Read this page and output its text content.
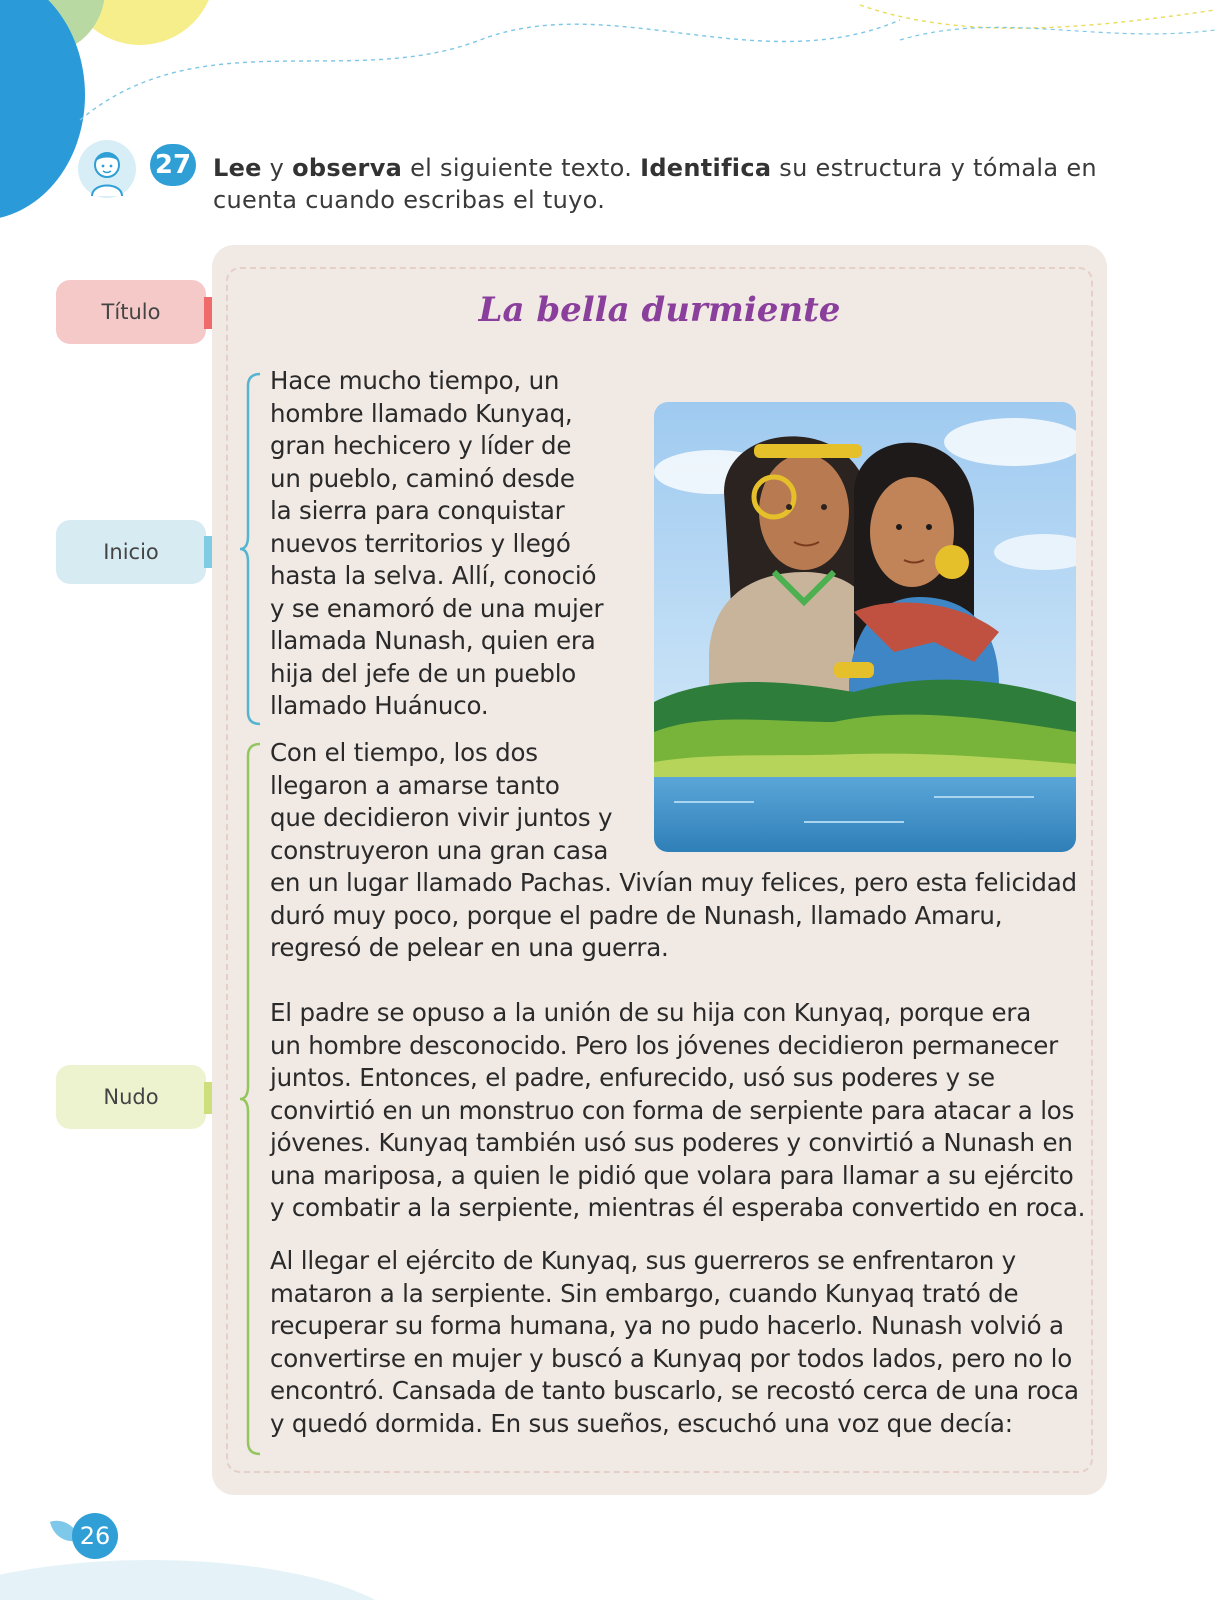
27 Lee y observa el siguiente texto. Identifica su estructura y tómala en cuenta cuando escribas el tuyo.
Título
Inicio
Nudo
La bella durmiente
Hace mucho tiempo, un
hombre llamado Kunyaq,
gran hechicero y líder de
un pueblo, caminó desde
la sierra para conquistar
nuevos territorios y llegó
hasta la selva. Allí, conoció
y se enamoró de una mujer
llamada Nunash, quien era
hija del jefe de un pueblo
llamado Huánuco.
Con el tiempo, los dos
llegaron a amarse tanto
que decidieron vivir juntos y
construyeron una gran casa
en un lugar llamado Pachas. Vivían muy felices, pero esta felicidad
duró muy poco, porque el padre de Nunash, llamado Amaru,
regresó de pelear en una guerra.
El padre se opuso a la unión de su hija con Kunyaq, porque era
un hombre desconocido. Pero los jóvenes decidieron permanecer
juntos. Entonces, el padre, enfurecido, usó sus poderes y se
convirtió en un monstruo con forma de serpiente para atacar a los
jóvenes. Kunyaq también usó sus poderes y convirtió a Nunash en
una mariposa, a quien le pidió que volara para llamar a su ejército
y combatir a la serpiente, mientras él esperaba convertido en roca.
Al llegar el ejército de Kunyaq, sus guerreros se enfrentaron y
mataron a la serpiente. Sin embargo, cuando Kunyaq trató de
recuperar su forma humana, ya no pudo hacerlo. Nunash volvió a
convertirse en mujer y buscó a Kunyaq por todos lados, pero no lo
encontró. Cansada de tanto buscarlo, se recostó cerca de una roca
y quedó dormida. En sus sueños, escuchó una voz que decía:
26
